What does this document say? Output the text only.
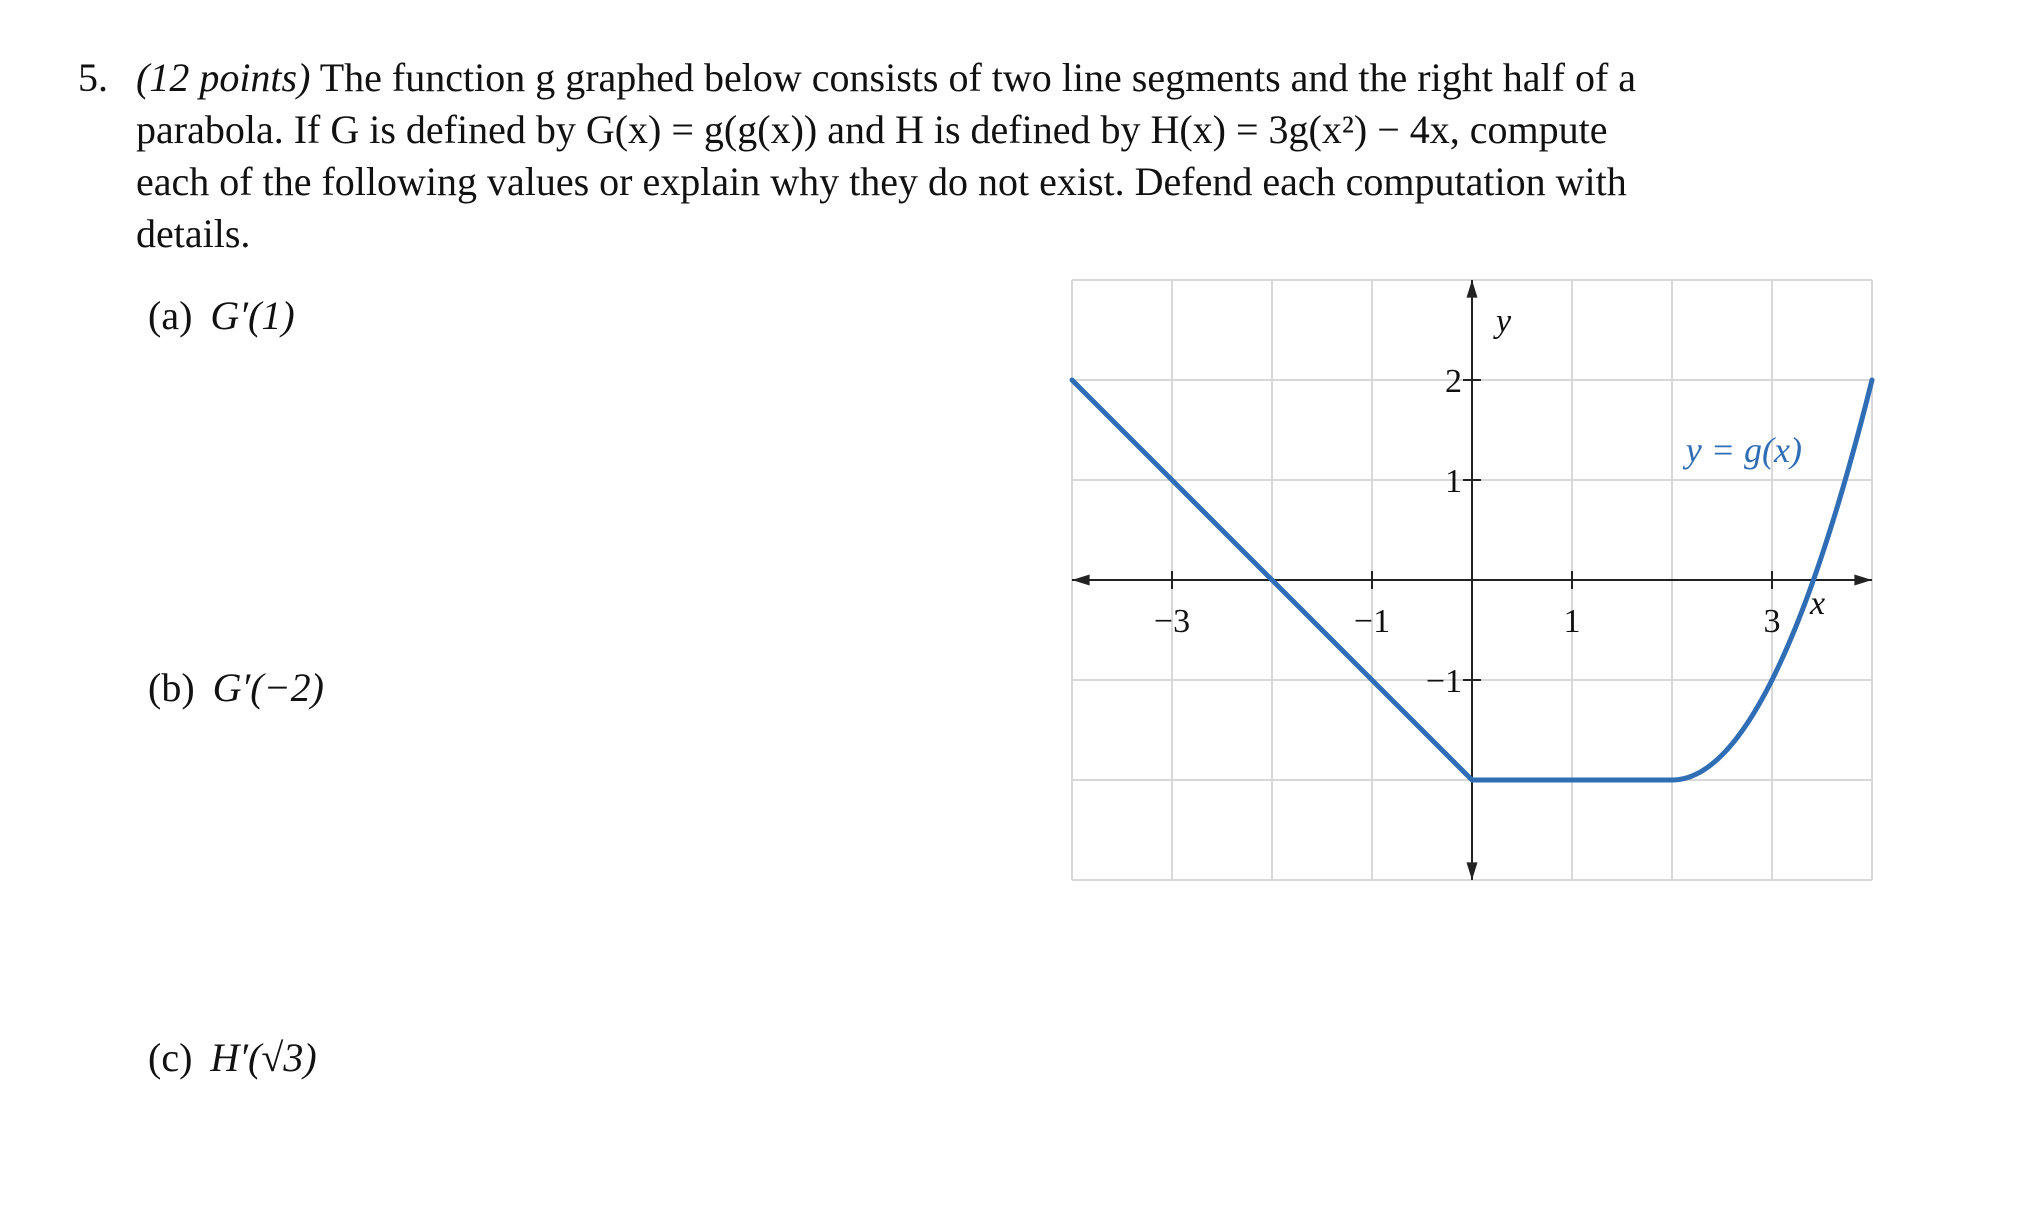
5. (12 points) The function g graphed below consists of two line segments and the right half of a
parabola. If G is defined by G(x) = g(g(x)) and H is defined by H(x) = 3g(x²) − 4x, compute
each of the following values or explain why they do not exist. Defend each computation with
details.
(a) G′(1)
(b) G′(−2)
(c) H′(√3)
−3	−1	1	3
−1
1
2
y
x
y = g(x)
